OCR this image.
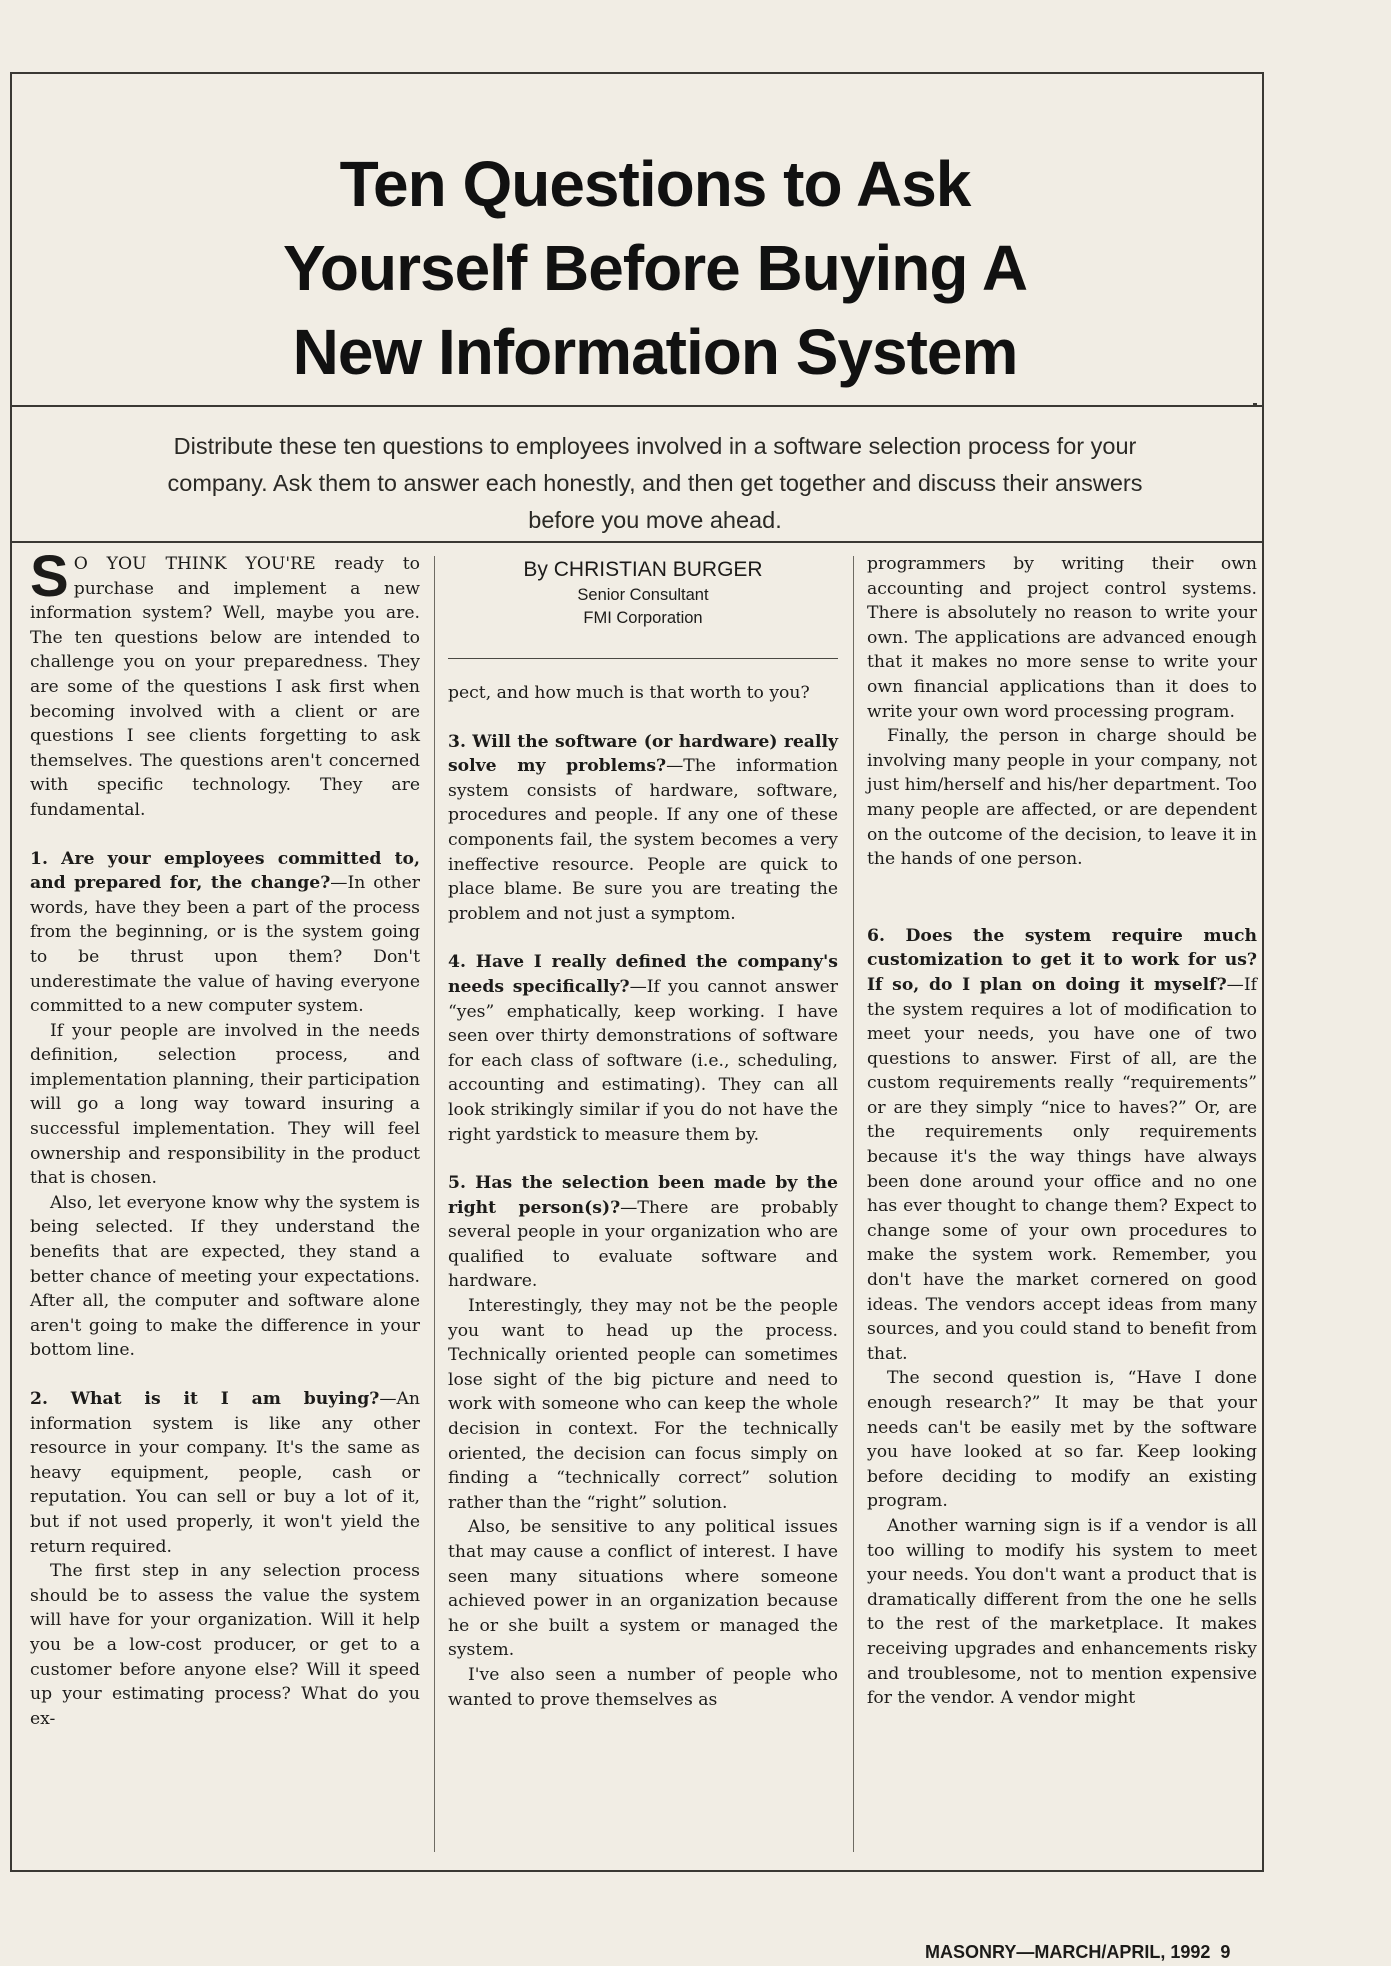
Ten Questions to Ask
Yourself Before Buying A
New Information System
Distribute these ten questions to employees involved in a software selection process for your
company. Ask them to answer each honestly, and then get together and discuss their answers
before you move ahead.

S O YOU THINK YOU'RE ready to purchase and implement a new information system? Well, maybe you are. The ten questions below are intended to challenge you on your preparedness. They are some of the questions I ask first when becoming involved with a client or are questions I see clients forgetting to ask themselves. The questions aren't concerned with specific technology. They are fundamental.

1. Are your employees committed to, and prepared for, the change?—In other words, have they been a part of the process from the beginning, or is the system going to be thrust upon them? Don't underestimate the value of having everyone committed to a new computer system.

If your people are involved in the needs definition, selection process, and implementation planning, their participation will go a long way toward insuring a successful implementation. They will feel ownership and responsibility in the product that is chosen.

Also, let everyone know why the system is being selected. If they understand the benefits that are expected, they stand a better chance of meeting your expectations. After all, the computer and software alone aren't going to make the difference in your bottom line.

2. What is it I am buying?—An information system is like any other resource in your company. It's the same as heavy equipment, people, cash or reputation. You can sell or buy a lot of it, but if not used properly, it won't yield the return required.

The first step in any selection process should be to assess the value the system will have for your organization. Will it help you be a low-cost producer, or get to a customer before anyone else? Will it speed up your estimating process? What do you ex-

By CHRISTIAN BURGER
Senior Consultant
FMI Corporation

pect, and how much is that worth to you?

3. Will the software (or hardware) really solve my problems?—The information system consists of hardware, software, procedures and people. If any one of these components fail, the system becomes a very ineffective resource. People are quick to place blame. Be sure you are treating the problem and not just a symptom.

4. Have I really defined the company's needs specifically?—If you cannot answer “yes” emphatically, keep working. I have seen over thirty demonstrations of software for each class of software (i.e., scheduling, accounting and estimating). They can all look strikingly similar if you do not have the right yardstick to measure them by.

5. Has the selection been made by the right person(s)?—There are probably several people in your organization who are qualified to evaluate software and hardware.

Interestingly, they may not be the people you want to head up the process. Technically oriented people can sometimes lose sight of the big picture and need to work with someone who can keep the whole decision in context. For the technically oriented, the decision can focus simply on finding a “technically correct” solution rather than the “right” solution.

Also, be sensitive to any political issues that may cause a conflict of interest. I have seen many situations where someone achieved power in an organization because he or she built a system or managed the system.

I've also seen a number of people who wanted to prove themselves as

programmers by writing their own accounting and project control systems. There is absolutely no reason to write your own. The applications are advanced enough that it makes no more sense to write your own financial applications than it does to write your own word processing program.

Finally, the person in charge should be involving many people in your company, not just him/herself and his/her department. Too many people are affected, or are dependent on the outcome of the decision, to leave it in the hands of one person.

6. Does the system require much customization to get it to work for us? If so, do I plan on doing it myself?—If the system requires a lot of modification to meet your needs, you have one of two questions to answer. First of all, are the custom requirements really “requirements” or are they simply “nice to haves?” Or, are the requirements only requirements because it's the way things have always been done around your office and no one has ever thought to change them? Expect to change some of your own procedures to make the system work. Remember, you don't have the market cornered on good ideas. The vendors accept ideas from many sources, and you could stand to benefit from that.

The second question is, “Have I done enough research?” It may be that your needs can't be easily met by the software you have looked at so far. Keep looking before deciding to modify an existing program.

Another warning sign is if a vendor is all too willing to modify his system to meet your needs. You don't want a product that is dramatically different from the one he sells to the rest of the marketplace. It makes receiving upgrades and enhancements risky and troublesome, not to mention expensive for the vendor. A vendor might

MASONRY—MARCH/APRIL, 1992 9
